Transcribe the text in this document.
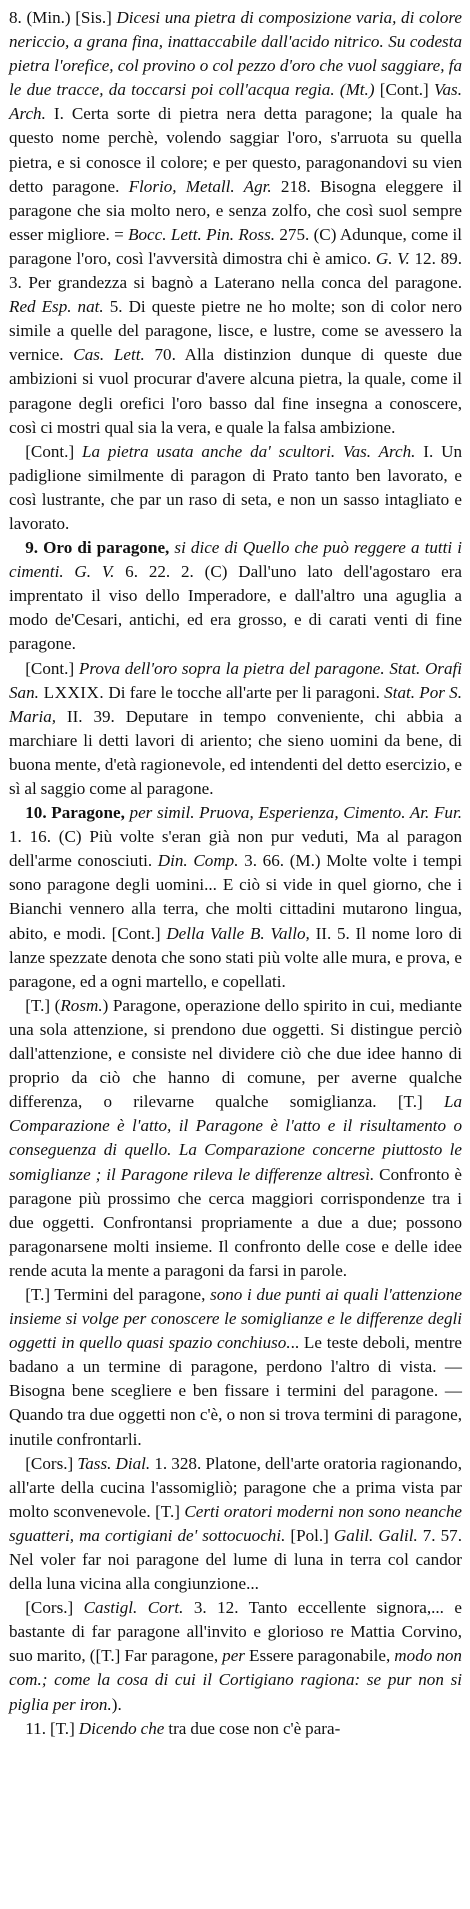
8. (Min.) [Sis.] Dicesi una pietra di composizione varia, di colore nericcio, a grana fina, inattaccabile dall'acido nitrico. Su codesta pietra l'orefice, col provino o col pezzo d'oro che vuol saggiare, fa le due tracce, da toccarsi poi coll'acqua regia. (Mt.) [Cont.] Vas. Arch. I. Certa sorte di pietra nera detta paragone; la quale ha questo nome perchè, volendo saggiar l'oro, s'arruota su quella pietra, e si conosce il colore; e per questo, paragonandovi su vien detto paragone. Florio, Metall. Agr. 218. Bisogna eleggere il paragone che sia molto nero, e senza zolfo, che così suol sempre esser migliore. = Bocc. Lett. Pin. Ross. 275. (C) Adunque, come il paragone l'oro, così l'avversità dimostra chi è amico. G. V. 12. 89. 3. Per grandezza si bagnò a Laterano nella conca del paragone. Red Esp. nat. 5. Di queste pietre ne ho molte; son di color nero simile a quelle del paragone, lisce, e lustre, come se avessero la vernice. Cas. Lett. 70. Alla distinzion dunque di queste due ambizioni si vuol procurar d'avere alcuna pietra, la quale, come il paragone degli orefici l'oro basso dal fine insegna a conoscere, così ci mostri qual sia la vera, e quale la falsa ambizione.

[Cont.] La pietra usata anche da' scultori. Vas. Arch. I. Un padiglione similmente di paragon di Prato tanto ben lavorato, e così lustrante, che par un raso di seta, e non un sasso intagliato e lavorato.

9. Oro di paragone, si dice di Quello che può reggere a tutti i cimenti. G. V. 6. 22. 2. (C) Dall'uno lato dell'agostaro era imprentato il viso dello Imperadore, e dall'altro una aguglia a modo de'Cesari, antichi, ed era grosso, e di carati venti di fine paragone.

[Cont.] Prova dell'oro sopra la pietra del paragone. Stat. Orafi San. LXXIX. Di fare le tocche all'arte per li paragoni. Stat. Por S. Maria, II. 39. Deputare in tempo conveniente, chi abbia a marchiare li detti lavori di ariento; che sieno uomini da bene, di buona mente, d'età ragionevole, ed intendenti del detto esercizio, e sì al saggio come al paragone.

10. Paragone, per simil. Pruova, Esperienza, Cimento. Ar. Fur. 1. 16. (C) Più volte s'eran già non pur veduti, Ma al paragon dell'arme conosciuti. Din. Comp. 3. 66. (M.) Molte volte i tempi sono paragone degli uomini... E ciò si vide in quel giorno, che i Bianchi vennero alla terra, che molti cittadini mutarono lingua, abito, e modi. [Cont.] Della Valle B. Vallo, II. 5. Il nome loro di lanze spezzate denota che sono stati più volte alle mura, e prova, e paragone, ed a ogni martello, e copellati.

[T.] (Rosm.) Paragone, operazione dello spirito in cui, mediante una sola attenzione, si prendono due oggetti. Si distingue perciò dall'attenzione, e consiste nel dividere ciò che due idee hanno di proprio da ciò che hanno di comune, per averne qualche differenza, o rilevarne qualche somiglianza. [T.] La Comparazione è l'atto, il Paragone è l'atto e il risultamento o conseguenza di quello. La Comparazione concerne piuttosto le somiglianze ; il Paragone rileva le differenze altresì. Confronto è paragone più prossimo che cerca maggiori corrispondenze tra i due oggetti. Confrontansi propriamente a due a due; possono paragonarsene molti insieme. Il confronto delle cose e delle idee rende acuta la mente a paragoni da farsi in parole.

[T.] Termini del paragone, sono i due punti ai quali l'attenzione insieme si volge per conoscere le somiglianze e le differenze degli oggetti in quello quasi spazio conchiuso... Le teste deboli, mentre badano a un termine di paragone, perdono l'altro di vista. — Bisogna bene scegliere e ben fissare i termini del paragone. — Quando tra due oggetti non c'è, o non si trova termini di paragone, inutile confrontarli.

[Cors.] Tass. Dial. 1. 328. Platone, dell'arte oratoria ragionando, all'arte della cucina l'assomigliò; paragone che a prima vista par molto sconvenevole. [T.] Certi oratori moderni non sono neanche sguatteri, ma cortigiani de' sottocuochi. [Pol.] Galil. Galil. 7. 57. Nel voler far noi paragone del lume di luna in terra col candor della luna vicina alla congiunzione...

[Cors.] Castigl. Cort. 3. 12. Tanto eccellente signora,... e bastante di far paragone all'invito e glorioso re Mattia Corvino, suo marito, ([T.] Far paragone, per Essere paragonabile, modo non com.; come la cosa di cui il Cortigiano ragiona: se pur non si piglia per iron.).

11. [T.] Dicendo che tra due cose non c'è para-
